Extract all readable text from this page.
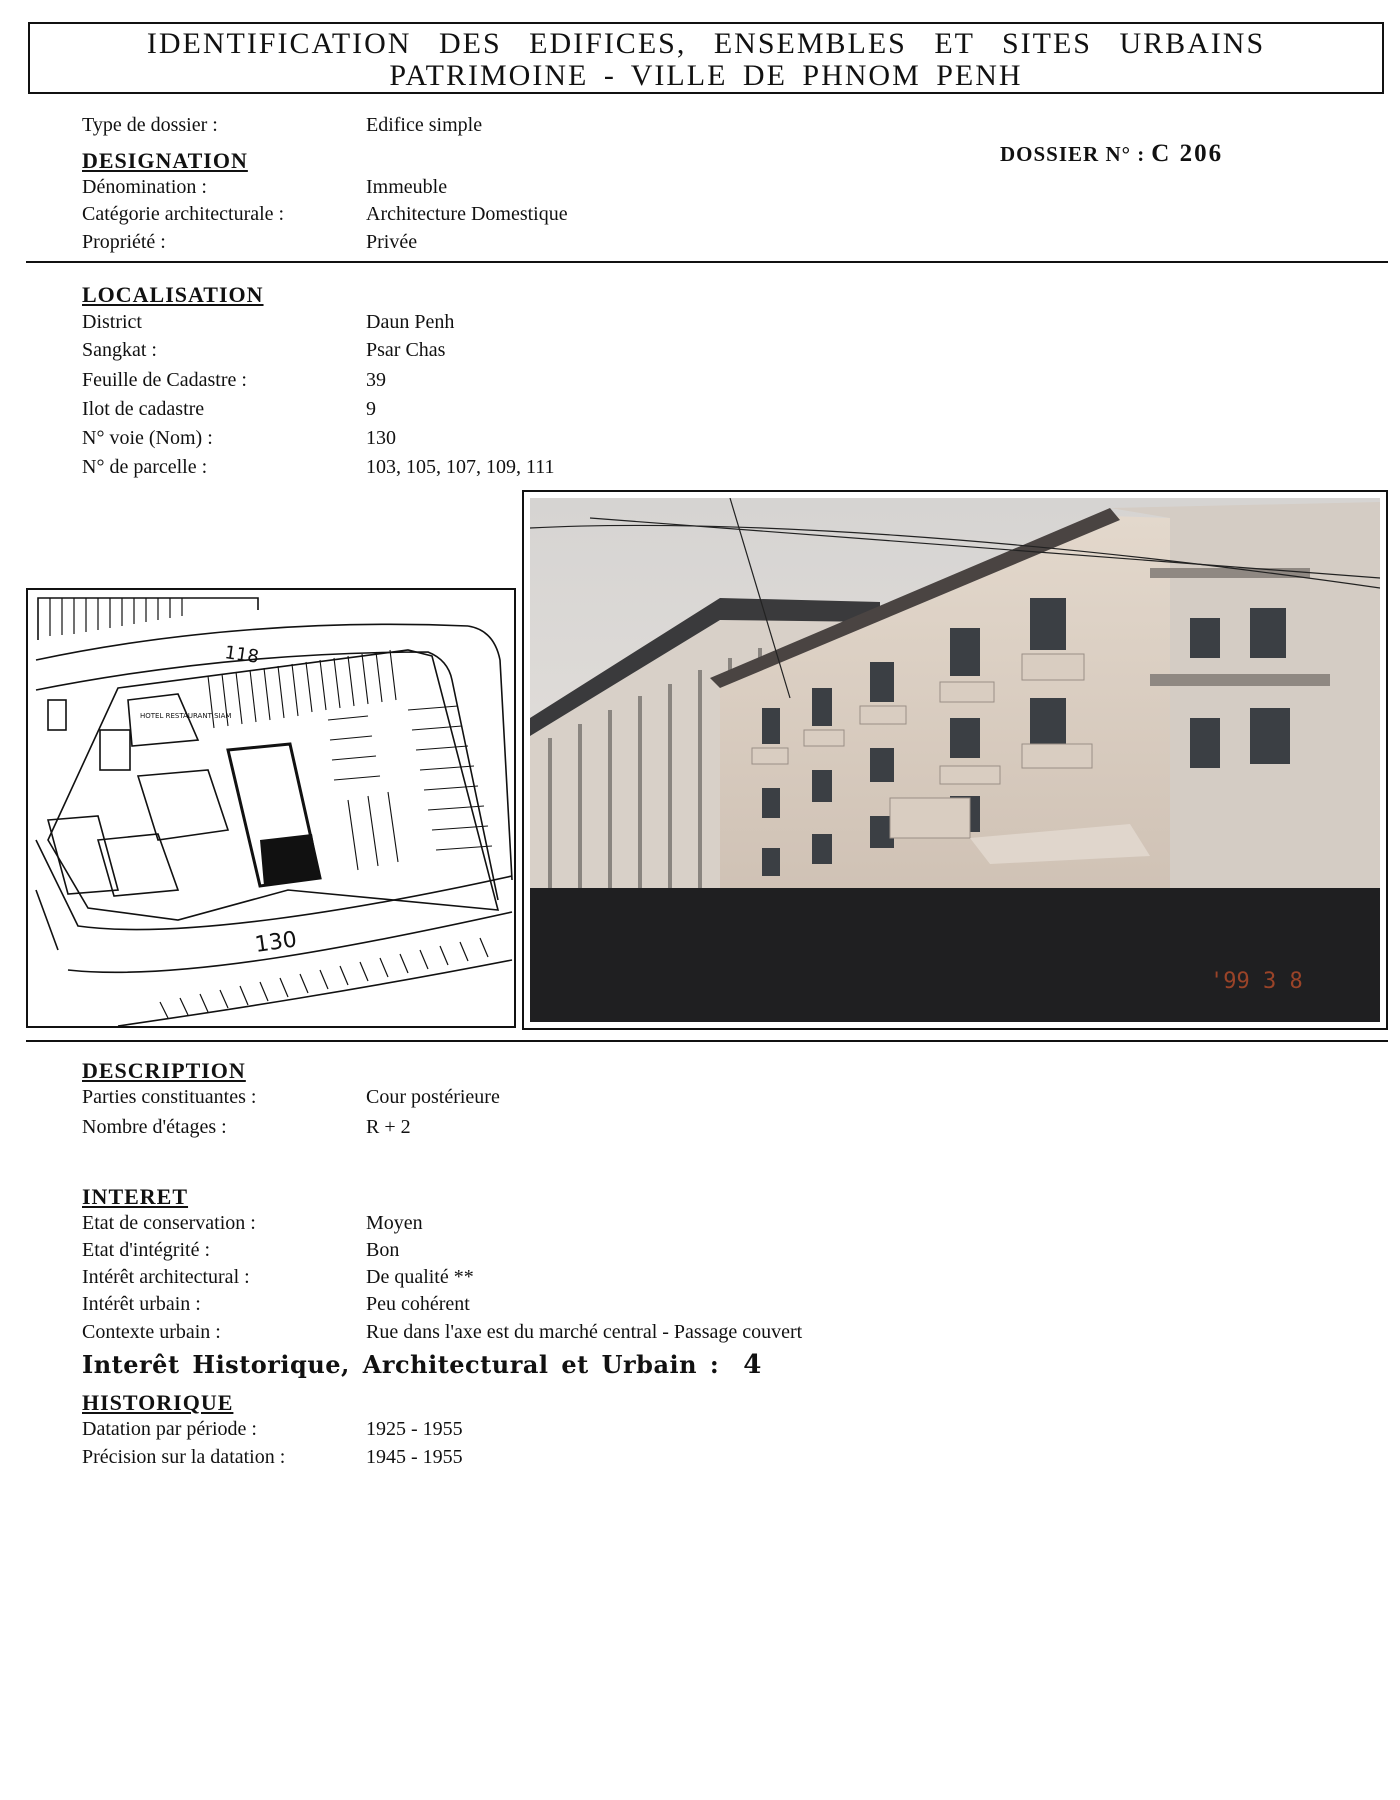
IDENTIFICATION DES EDIFICES, ENSEMBLES ET SITES URBAINS
PATRIMOINE - VILLE DE PHNOM PENH
Type de dossier :	Edifice simple
DOSSIER N° : C 206
DESIGNATION
Dénomination :	Immeuble
Catégorie architecturale :	Architecture Domestique
Propriété :	Privée
LOCALISATION
District	Daun Penh
Sangkat :	Psar Chas
Feuille de Cadastre :	39
Ilot de cadastre	9
N° voie (Nom) :	130
N° de parcelle :	103, 105, 107, 109, 111
118
130
HOTEL RESTAURANT SIAM
'99 3 8
DESCRIPTION
Parties constituantes :	Cour postérieure
Nombre d'étages :	R + 2
INTERET
Etat de conservation :	Moyen
Etat d'intégrité :	Bon
Intérêt architectural :	De qualité **
Intérêt urbain :	Peu cohérent
Contexte urbain :	Rue dans l'axe est du marché central - Passage couvert
Interêt Historique, Architectural et Urbain : 4
HISTORIQUE
Datation par période :	1925 - 1955
Précision sur la datation :	1945 - 1955
